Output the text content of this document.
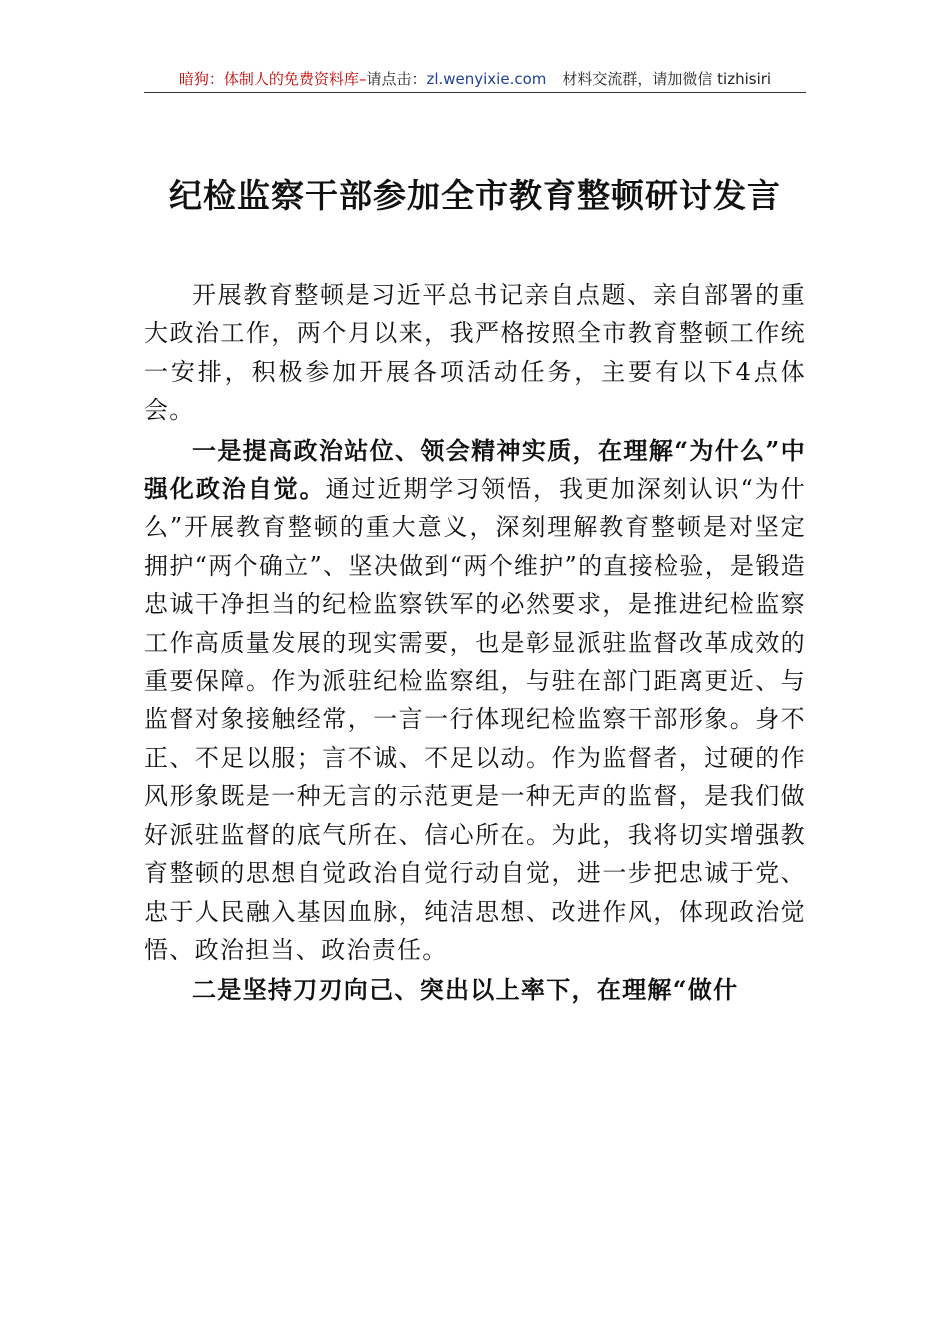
暗狗：体制人的免费资料库–请点击：zl.wenyixie.com 材料交流群，请加微信 tizhisiri
纪检监察干部参加全市教育整顿研讨发言

开展教育整顿是习近平总书记亲自点题、亲自部署的重大政治工作，两个月以来，我严格按照全市教育整顿工作统一安排，积极参加开展各项活动任务，主要有以下4点体会。

一是提高政治站位、领会精神实质，在理解“为什么”中强化政治自觉。通过近期学习领悟，我更加深刻认识“为什么”开展教育整顿的重大意义，深刻理解教育整顿是对坚定拥护“两个确立”、坚决做到“两个维护”的直接检验，是锻造忠诚干净担当的纪检监察铁军的必然要求，是推进纪检监察工作高质量发展的现实需要，也是彰显派驻监督改革成效的重要保障。作为派驻纪检监察组，与驻在部门距离更近、与监督对象接触经常，一言一行体现纪检监察干部形象。身不正、不足以服；言不诚、不足以动。作为监督者，过硬的作风形象既是一种无言的示范更是一种无声的监督，是我们做好派驻监督的底气所在、信心所在。为此，我将切实增强教育整顿的思想自觉政治自觉行动自觉，进一步把忠诚于党、忠于人民融入基因血脉，纯洁思想、改进作风，体现政治觉悟、政治担当、政治责任。

二是坚持刀刃向己、突出以上率下，在理解“做什
